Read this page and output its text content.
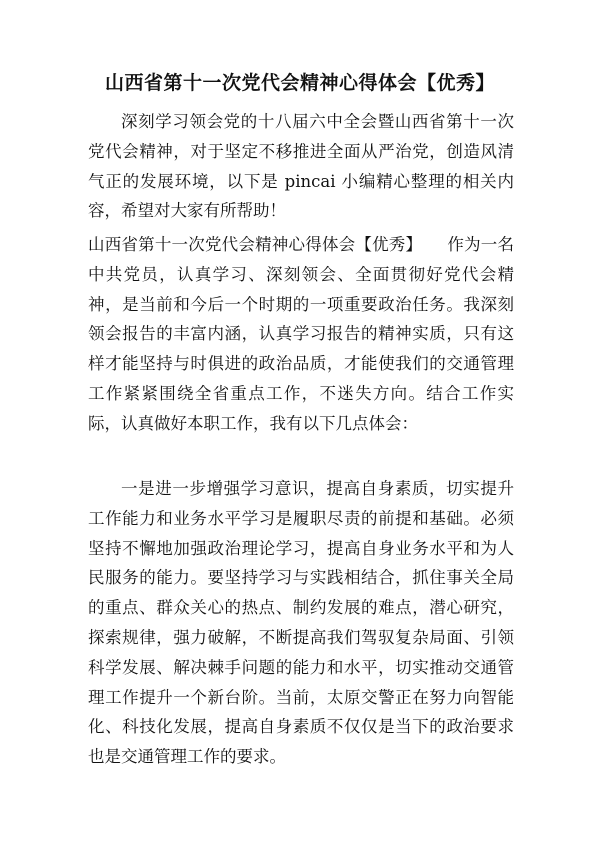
山西省第十一次党代会精神心得体会【优秀】

深刻学习领会党的十八届六中全会暨山西省第十一次党代会精神，对于坚定不移推进全面从严治党，创造风清气正的发展环境，以下是 pincai 小编精心整理的相关内容，希望对大家有所帮助！

山西省第十一次党代会精神心得体会【优秀】　　作为一名中共党员，认真学习、深刻领会、全面贯彻好党代会精神，是当前和今后一个时期的一项重要政治任务。我深刻领会报告的丰富内涵，认真学习报告的精神实质，只有这样才能坚持与时俱进的政治品质，才能使我们的交通管理工作紧紧围绕全省重点工作，不迷失方向。结合工作实际，认真做好本职工作，我有以下几点体会：

一是进一步增强学习意识，提高自身素质，切实提升工作能力和业务水平学习是履职尽责的前提和基础。必须坚持不懈地加强政治理论学习，提高自身业务水平和为人民服务的能力。要坚持学习与实践相结合，抓住事关全局的重点、群众关心的热点、制约发展的难点，潜心研究，探索规律，强力破解，不断提高我们驾驭复杂局面、引领科学发展、解决棘手问题的能力和水平，切实推动交通管理工作提升一个新台阶。当前，太原交警正在努力向智能化、科技化发展，提高自身素质不仅仅是当下的政治要求也是交通管理工作的要求。
